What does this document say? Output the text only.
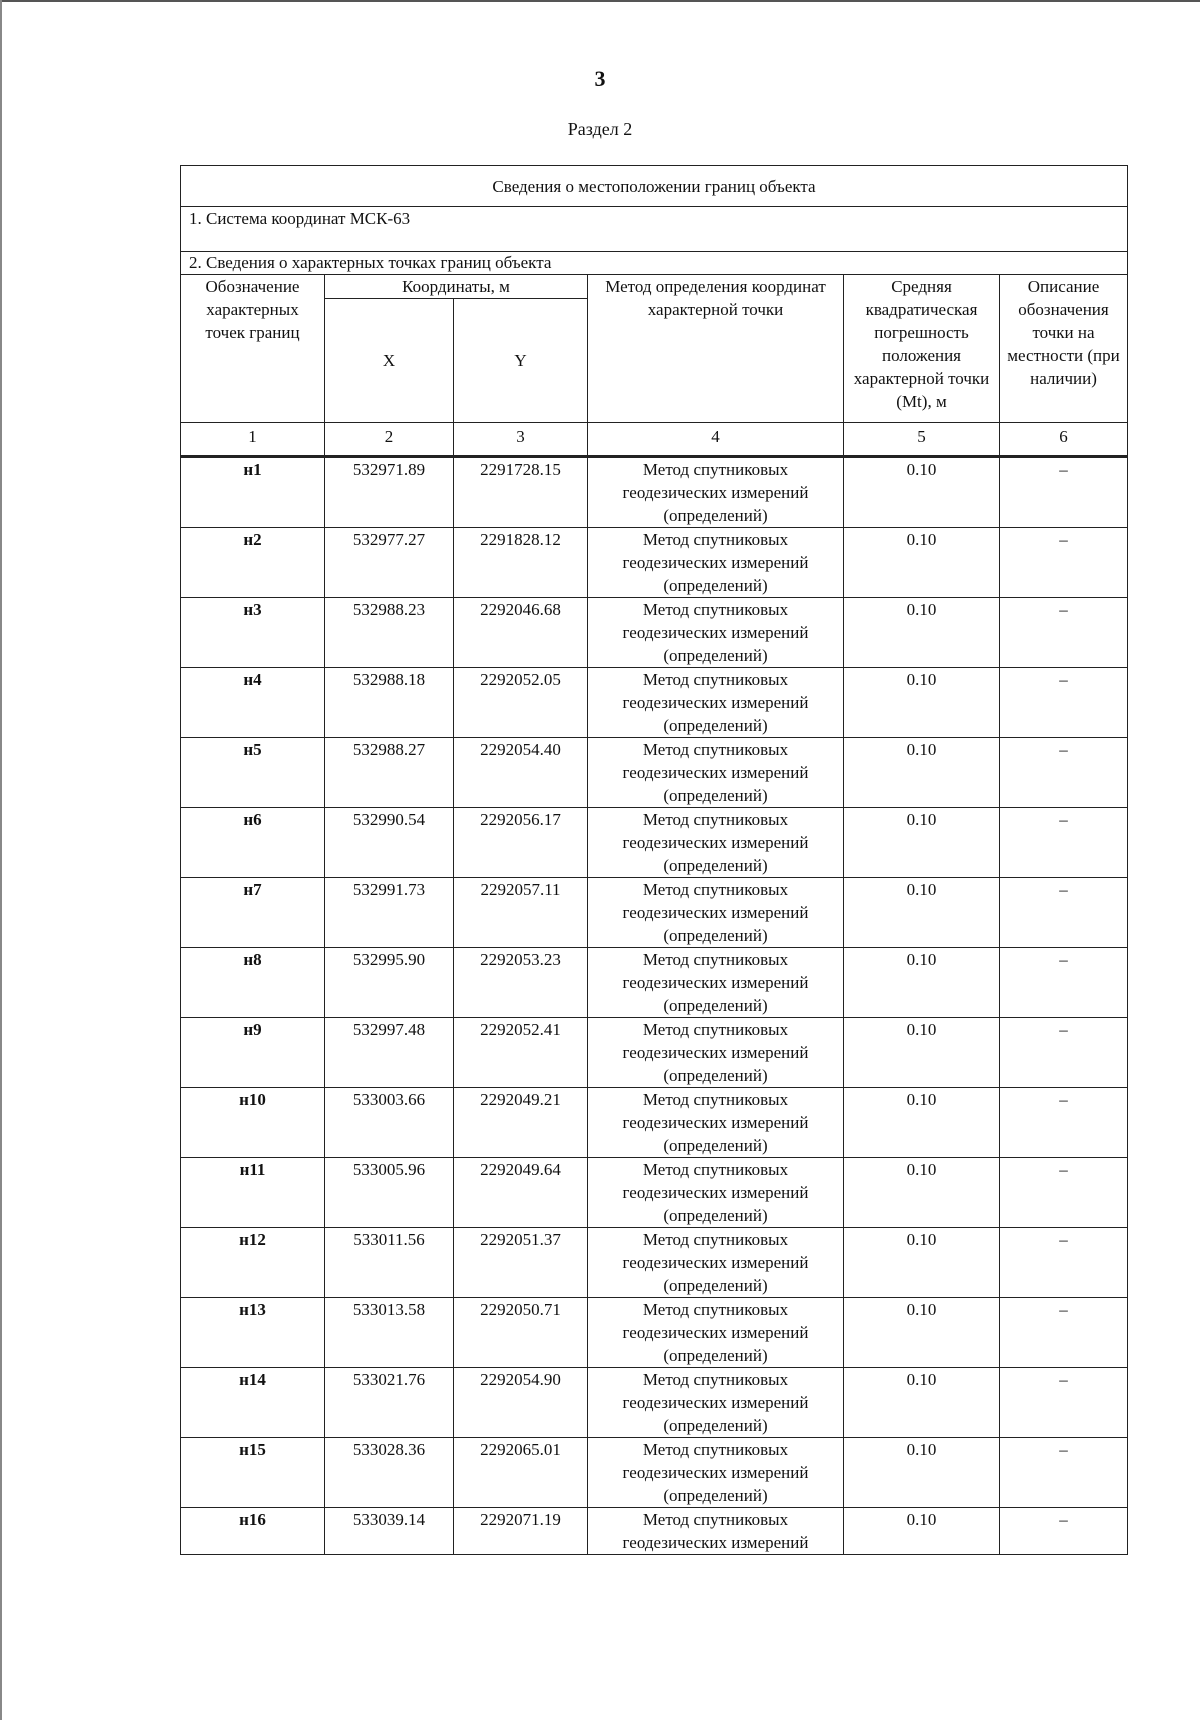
3
Раздел 2
Сведения о местоположении границ объекта					
1. Система координат МСК-63					
2. Сведения о характерных точках границ объекта					
Обозначение характерных точек границ	Координаты, м		Метод определения координат характерной точки	Средняя квадратическая погрешность положения характерной точки (Mt), м	Описание обозначения точки на местности (при наличии)
	X	Y			
1	2	3	4	5	6

н1	532971.89	2291728.15	Метод спутниковых геодезических измерений (определений)	0.10	–
н2	532977.27	2291828.12	Метод спутниковых геодезических измерений (определений)	0.10	–
н3	532988.23	2292046.68	Метод спутниковых геодезических измерений (определений)	0.10	–
н4	532988.18	2292052.05	Метод спутниковых геодезических измерений (определений)	0.10	–
н5	532988.27	2292054.40	Метод спутниковых геодезических измерений (определений)	0.10	–
н6	532990.54	2292056.17	Метод спутниковых геодезических измерений (определений)	0.10	–
н7	532991.73	2292057.11	Метод спутниковых геодезических измерений (определений)	0.10	–
н8	532995.90	2292053.23	Метод спутниковых геодезических измерений (определений)	0.10	–
н9	532997.48	2292052.41	Метод спутниковых геодезических измерений (определений)	0.10	–
н10	533003.66	2292049.21	Метод спутниковых геодезических измерений (определений)	0.10	–
н11	533005.96	2292049.64	Метод спутниковых геодезических измерений (определений)	0.10	–
н12	533011.56	2292051.37	Метод спутниковых геодезических измерений (определений)	0.10	–
н13	533013.58	2292050.71	Метод спутниковых геодезических измерений (определений)	0.10	–
н14	533021.76	2292054.90	Метод спутниковых геодезических измерений (определений)	0.10	–
н15	533028.36	2292065.01	Метод спутниковых геодезических измерений (определений)	0.10	–
н16	533039.14	2292071.19	Метод спутниковых геодезических измерений	0.10	–
